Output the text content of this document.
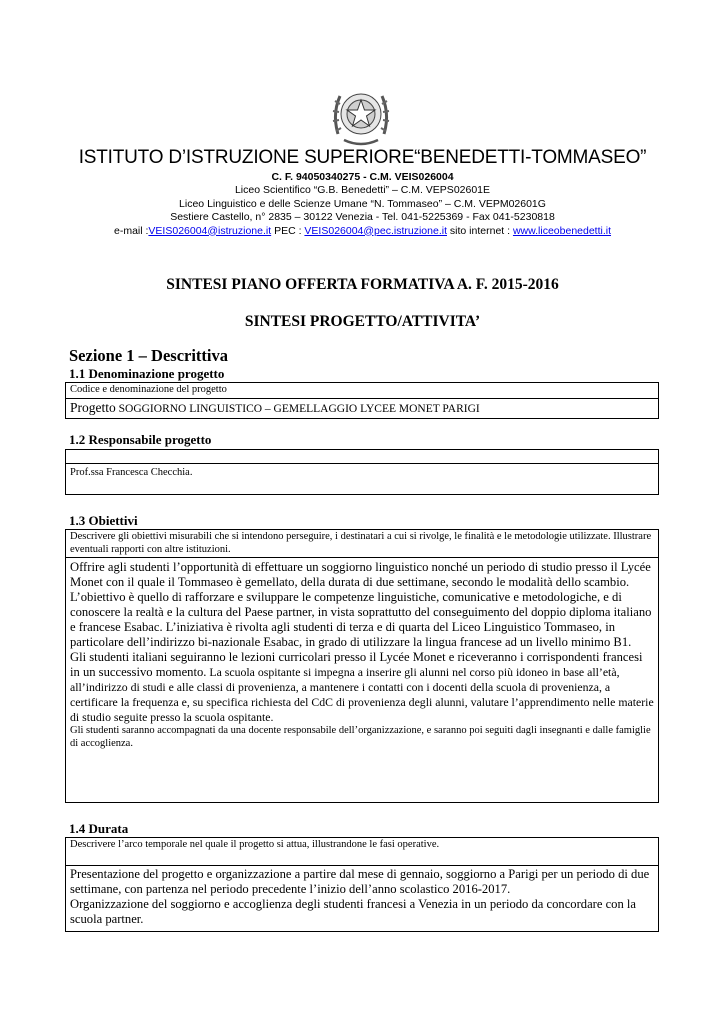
ISTITUTO D’ISTRUZIONE SUPERIORE“BENEDETTI-TOMMASEO”
C. F. 94050340275 - C.M. VEIS026004
Liceo Scientifico “G.B. Benedetti” – C.M. VEPS02601E
Liceo Linguistico e delle Scienze Umane “N. Tommaseo” – C.M. VEPM02601G
Sestiere Castello, n° 2835 – 30122 Venezia - Tel. 041-5225369 - Fax 041-5230818
e-mail :VEIS026004@istruzione.it PEC : VEIS026004@pec.istruzione.it sito internet : www.liceobenedetti.it
SINTESI PIANO OFFERTA FORMATIVA A. F. 2015-2016
SINTESI PROGETTO/ATTIVITA’
Sezione 1 – Descrittiva
1.1 Denominazione progetto
Codice e denominazione del progetto
Progetto SOGGIORNO LINGUISTICO – GEMELLAGGIO LYCEE MONET PARIGI
1.2 Responsabile progetto
Prof.ssa Francesca Checchia.
1.3 Obiettivi
Descrivere gli obiettivi misurabili che si intendono perseguire, i destinatari a cui si rivolge, le finalità e le metodologie utilizzate. Illustrare eventuali rapporti con altre istituzioni.

Offrire agli studenti l’opportunità di effettuare un soggiorno linguistico nonché un periodo di studio presso il Lycée Monet con il quale il Tommaseo è gemellato, della durata di due settimane, secondo le modalità dello scambio.

L’obiettivo è quello di rafforzare e sviluppare le competenze linguistiche, comunicative e metodologiche, e di conoscere la realtà e la cultura del Paese partner, in vista soprattutto del conseguimento del doppio diploma italiano e francese Esabac. L’iniziativa è rivolta agli studenti di terza e di quarta del Liceo Linguistico Tommaseo, in particolare dell’indirizzo bi-nazionale Esabac, in grado di utilizzare la lingua francese ad un livello minimo B1.

Gli studenti italiani seguiranno le lezioni curricolari presso il Lycée Monet e riceveranno i corrispondenti francesi in un successivo momento. La scuola ospitante si impegna a inserire gli alunni nel corso più idoneo in base all’età, all’indirizzo di studi e alle classi di provenienza, a mantenere i contatti con i docenti della scuola di provenienza, a certificare la frequenza e, su specifica richiesta del CdC di provenienza degli alunni, valutare l’apprendimento nelle materie di studio seguite presso la scuola ospitante.

Gli studenti saranno accompagnati da una docente responsabile dell’organizzazione, e saranno poi seguiti dagli insegnanti e dalle famiglie di accoglienza.

1.4 Durata
Descrivere l’arco temporale nel quale il progetto si attua, illustrandone le fasi operative.

Presentazione del progetto e organizzazione a partire dal mese di gennaio, soggiorno a Parigi per un periodo di due settimane, con partenza nel periodo precedente l’inizio dell’anno scolastico 2016-2017.

Organizzazione del soggiorno e accoglienza degli studenti francesi a Venezia in un periodo da concordare con la scuola partner.
